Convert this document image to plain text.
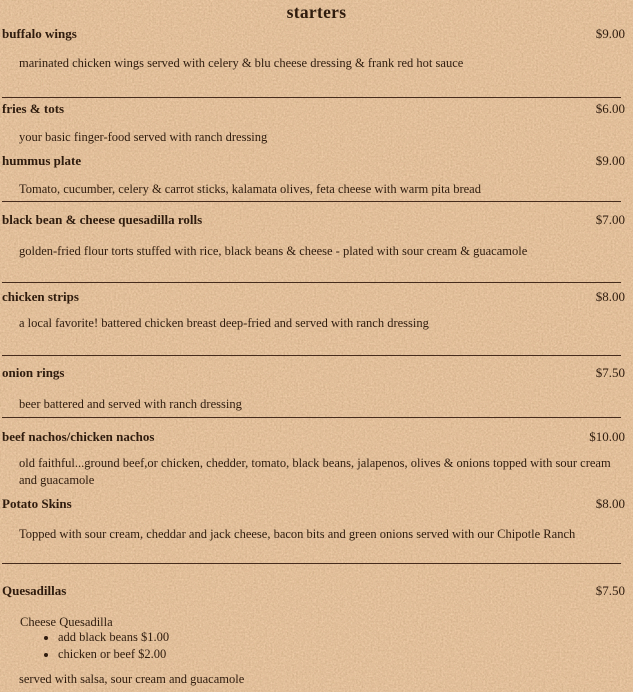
starters
buffalo wings	$9.00
marinated chicken wings served with celery & blu cheese dressing & frank red hot sauce
fries & tots	$6.00
your basic finger-food served with ranch dressing
hummus plate	$9.00
Tomato, cucumber, celery & carrot sticks, kalamata olives, feta cheese with warm pita bread
black bean & cheese quesadilla rolls	$7.00
golden-fried flour torts stuffed with rice, black beans & cheese - plated with sour cream & guacamole
chicken strips	$8.00
a local favorite! battered chicken breast deep-fried and served with ranch dressing
onion rings	$7.50
beer battered and served with ranch dressing
beef nachos/chicken nachos	$10.00
old faithful...ground beef,or chicken, chedder, tomato, black beans, jalapenos, olives & onions topped with sour cream and guacamole
Potato Skins	$8.00
Topped with sour cream, cheddar and jack cheese, bacon bits and green onions served with our Chipotle Ranch
Quesadillas	$7.50
Cheese Quesadilla
• add black beans $1.00
• chicken or beef $2.00
served with salsa, sour cream and guacamole
